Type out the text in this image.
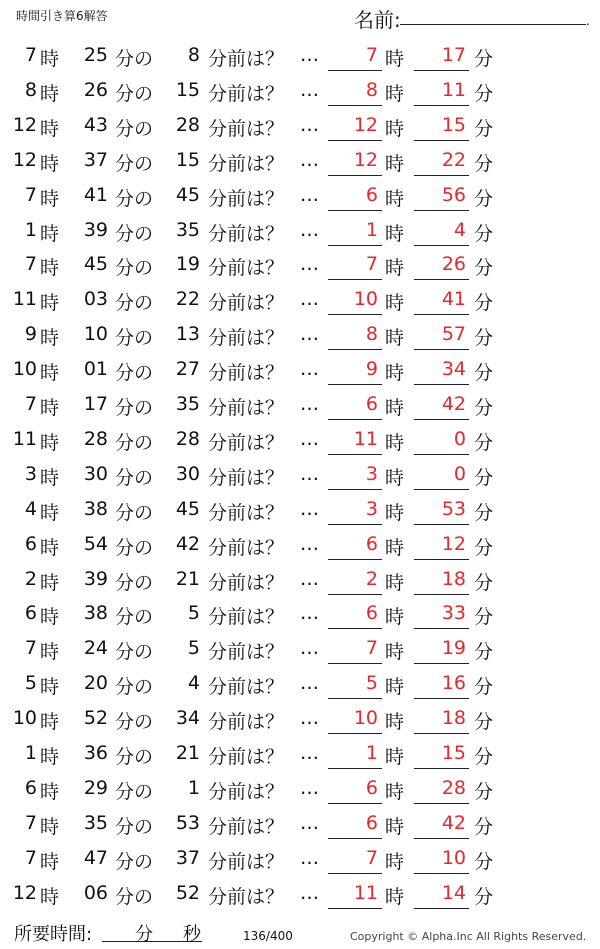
時間引き算6解答	名前:	.
7 時	25 分の	8 分前は？ …	7 時	17 分
8 時	26 分の	15 分前は？ …	8 時	11 分
12 時	43 分の	28 分前は？ …	12 時	15 分
12 時	37 分の	15 分前は？ …	12 時	22 分
7 時	41 分の	45 分前は？ …	6 時	56 分
1 時	39 分の	35 分前は？ …	1 時	4 分
7 時	45 分の	19 分前は？ …	7 時	26 分
11 時	03 分の	22 分前は？ …	10 時	41 分
9 時	10 分の	13 分前は？ …	8 時	57 分
10 時	01 分の	27 分前は？ …	9 時	34 分
7 時	17 分の	35 分前は？ …	6 時	42 分
11 時	28 分の	28 分前は？ …	11 時	0 分
3 時	30 分の	30 分前は？ …	3 時	0 分
4 時	38 分の	45 分前は？ …	3 時	53 分
6 時	54 分の	42 分前は？ …	6 時	12 分
2 時	39 分の	21 分前は？ …	2 時	18 分
6 時	38 分の	5 分前は？ …	6 時	33 分
7 時	24 分の	5 分前は？ …	7 時	19 分
5 時	20 分の	4 分前は？ …	5 時	16 分
10 時	52 分の	34 分前は？ …	10 時	18 分
1 時	36 分の	21 分前は？ …	1 時	15 分
6 時	29 分の	1 分前は？ …	6 時	28 分
7 時	35 分の	53 分前は？ …	6 時	42 分
7 時	47 分の	37 分前は？ …	7 時	10 分
12 時	06 分の	52 分前は？ …	11 時	14 分
所要時間: 分 秒	136/400	Copyright © Alpha.Inc All Rights Reserved.
